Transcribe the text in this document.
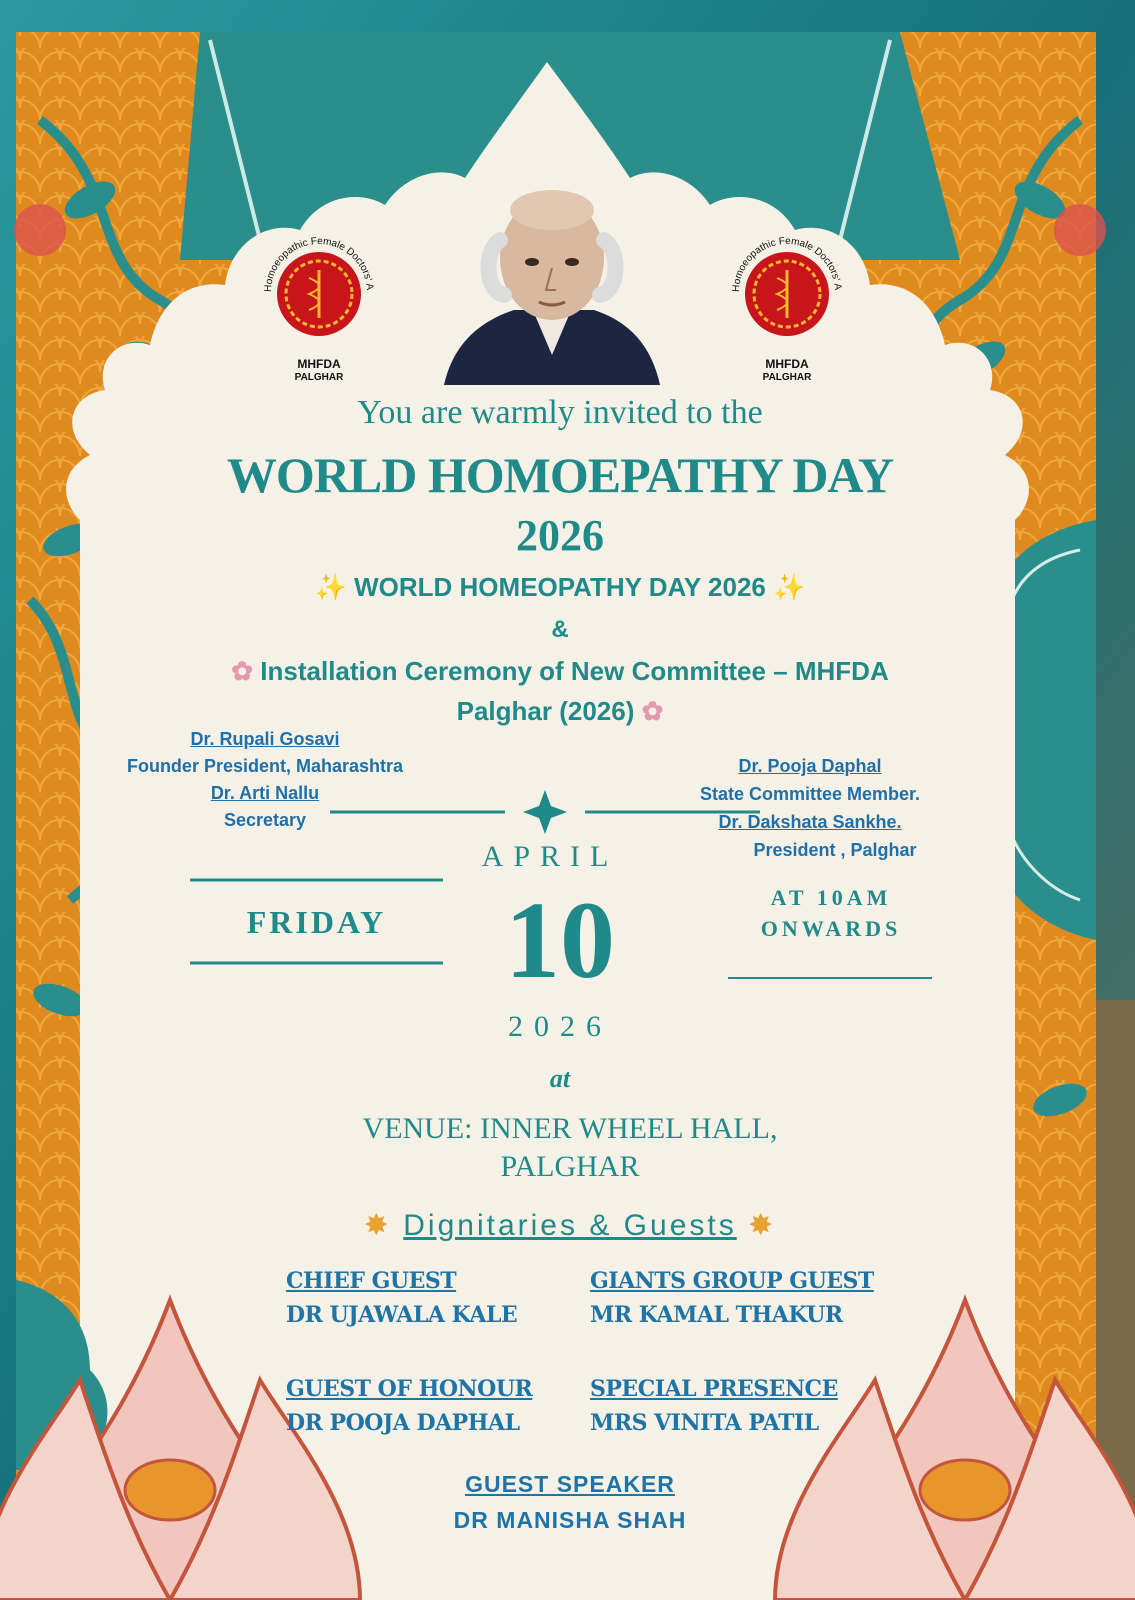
Homoeopathic Female Doctors' A
MHFDA
PALGHAR
Homoeopathic Female Doctors' A
MHFDA
PALGHAR
You are warmly invited to the
WORLD HOMOEPATHY DAY
2026
✨ WORLD HOMEOPATHY DAY 2026 ✨
&
✿ Installation Ceremony of New Committee – MHFDA
Palghar (2026) ✿
Dr. Rupali Gosavi
Founder President, Maharashtra
Dr. Arti Nallu
Secretary
Dr. Pooja Daphal
State Committee Member.
Dr. Dakshata Sankhe.
President , Palghar
APRIL
FRIDAY	10	AT 10AM
ONWARDS
2026
at
VENUE: INNER WHEEL HALL,
PALGHAR
✸ Dignitaries & Guests ✸
CHIEF GUEST
DR UJAWALA KALE
GIANTS GROUP GUEST
MR KAMAL THAKUR
GUEST OF HONOUR
DR POOJA DAPHAL
SPECIAL PRESENCE
MRS VINITA PATIL
GUEST SPEAKER
DR MANISHA SHAH
